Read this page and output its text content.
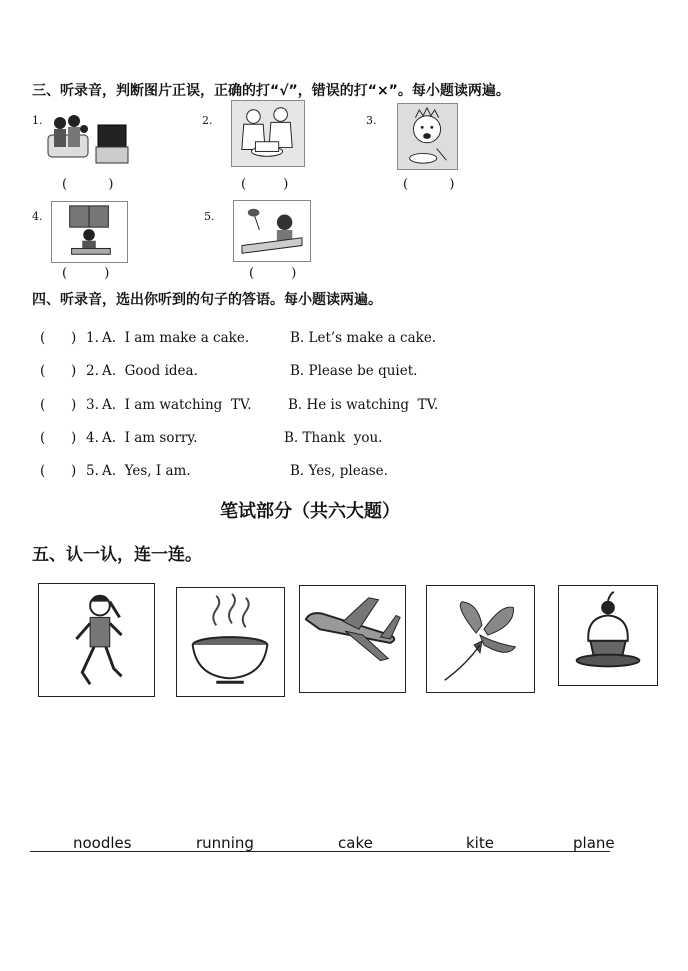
三、听录音，判断图片正误，正确的打“√”，错误的打“×”。每小题读两遍。
1.
(          )
2.
(         )
3.
(          )
4.
(         )
5.
(         )
四、听录音，选出你听到的句子的答语。每小题读两遍。
(      ) 1. A.  I am make a cake.	B. Let’s make a cake.
(      ) 2. A.  Good idea.	B. Please be quiet.
(      ) 3. A.  I am watching  TV.	B. He is watching  TV.
(      ) 4. A.  I am sorry.	B. Thank  you.
(      ) 5. A.  Yes, I am.	B. Yes, please.
笔试部分（共六大题）
五、认一认，连一连。
noodles	running	cake	kite	plane
